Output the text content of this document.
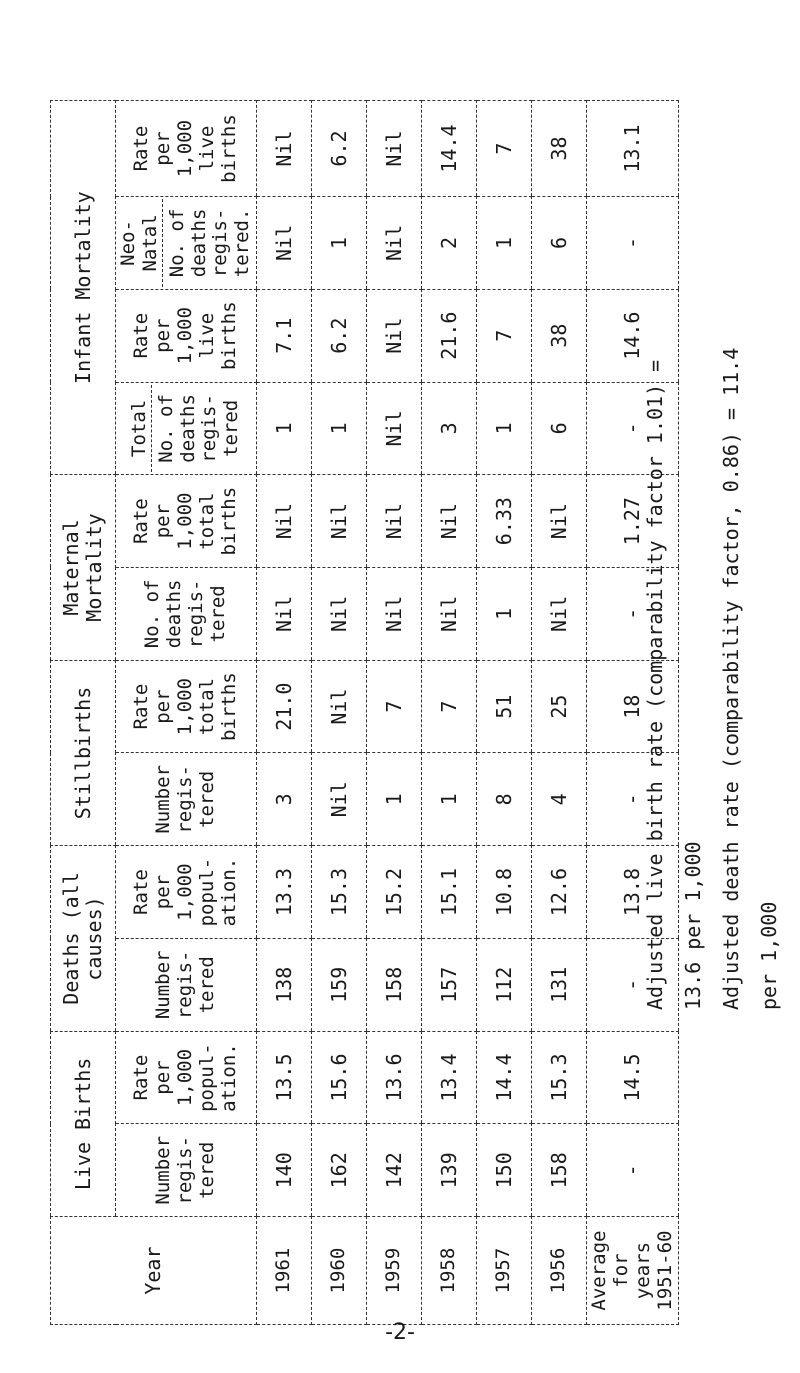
Year	Live Births		Deaths (all causes)		Stillbirths		Maternal Mortality		Infant Mortality			

	Number regis-tered	Rate per 1,000 popul-ation.	Number regis-tered	Rate per 1,000 popul-ation.	Number regis-tered	Rate per 1,000 total births	No. of deaths regis-tered	Rate per 1,000 total births	Total No. of deaths regis-tered	Rate per 1,000 live births	Neo-Natal No. of deaths regis-tered.	Rate per 1,000 live births
1961	140	13.5	138	13.3	3	21.0	Nil	Nil	1	7.1	Nil	Nil
1960	162	15.6	159	15.3	Nil	Nil	Nil	Nil	1	6.2	1	6.2
1959	142	13.6	158	15.2	1	7	Nil	Nil	Nil	Nil	Nil	Nil
1958	139	13.4	157	15.1	1	7	Nil	Nil	3	21.6	2	14.4
1957	150	14.4	112	10.8	8	51	1	6.33	1	7	1	7
1956	158	15.3	131	12.6	4	25	Nil	Nil	6	38	6	38
Average for years 1951-60	-	14.5	-	13.8	-	18	-	1.27	-	14.6	-	13.1
Adjusted live birth rate (comparability factor 1.01) = 13.6 per 1,000 Adjusted death rate (comparability factor, 0.86) = 11.4 per 1,000
-2-
